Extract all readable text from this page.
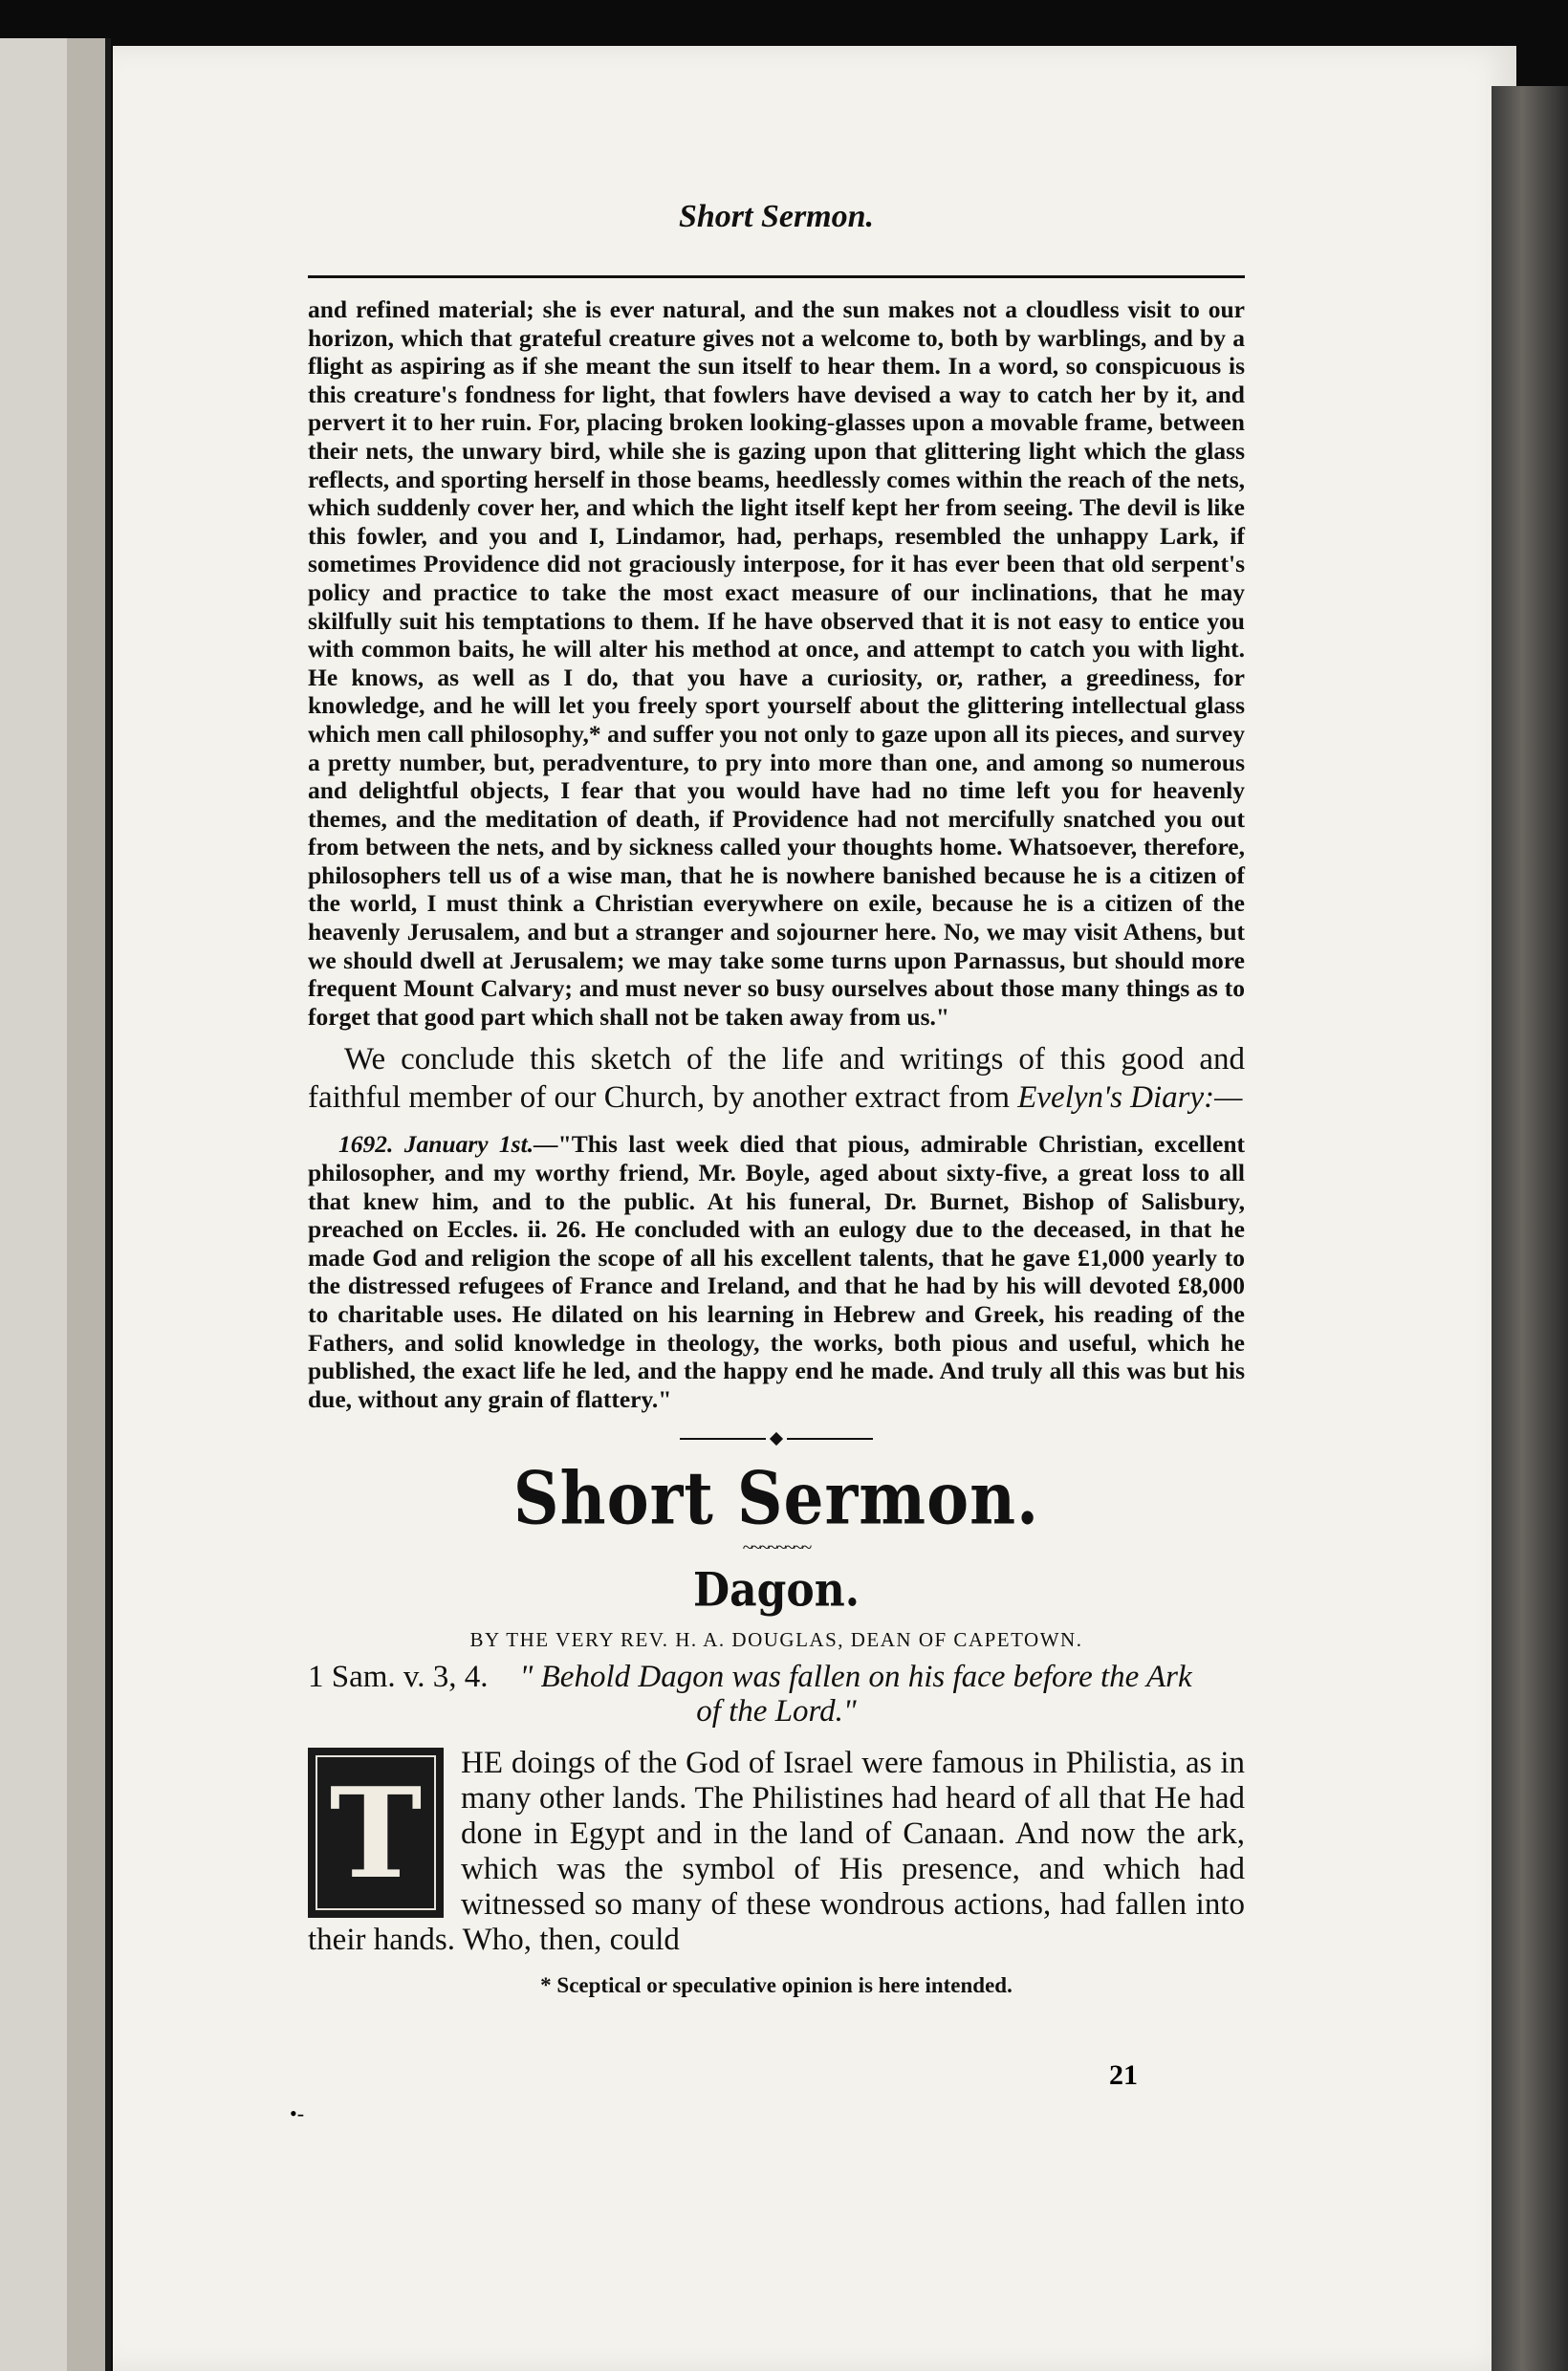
Short Sermon.
and refined material; she is ever natural, and the sun makes not a cloudless visit to our horizon, which that grateful creature gives not a welcome to, both by warblings, and by a flight as aspiring as if she meant the sun itself to hear them. In a word, so conspicuous is this creature's fondness for light, that fowlers have devised a way to catch her by it, and pervert it to her ruin. For, placing broken looking-glasses upon a movable frame, between their nets, the unwary bird, while she is gazing upon that glittering light which the glass reflects, and sporting herself in those beams, heedlessly comes within the reach of the nets, which suddenly cover her, and which the light itself kept her from seeing. The devil is like this fowler, and you and I, Lindamor, had, perhaps, resembled the unhappy Lark, if sometimes Providence did not graciously interpose, for it has ever been that old serpent's policy and practice to take the most exact measure of our inclinations, that he may skilfully suit his temptations to them. If he have observed that it is not easy to entice you with common baits, he will alter his method at once, and attempt to catch you with light. He knows, as well as I do, that you have a curiosity, or, rather, a greediness, for knowledge, and he will let you freely sport yourself about the glittering intellectual glass which men call philosophy,* and suffer you not only to gaze upon all its pieces, and survey a pretty number, but, peradventure, to pry into more than one, and among so numerous and delightful objects, I fear that you would have had no time left you for heavenly themes, and the meditation of death, if Providence had not mercifully snatched you out from between the nets, and by sickness called your thoughts home. Whatsoever, therefore, philosophers tell us of a wise man, that he is nowhere banished because he is a citizen of the world, I must think a Christian everywhere on exile, because he is a citizen of the heavenly Jerusalem, and but a stranger and sojourner here. No, we may visit Athens, but we should dwell at Jerusalem; we may take some turns upon Parnassus, but should more frequent Mount Calvary; and must never so busy ourselves about those many things as to forget that good part which shall not be taken away from us."
We conclude this sketch of the life and writings of this good and faithful member of our Church, by another extract from Evelyn's Diary:—
1692. January 1st.—"This last week died that pious, admirable Christian, excellent philosopher, and my worthy friend, Mr. Boyle, aged about sixty-five, a great loss to all that knew him, and to the public. At his funeral, Dr. Burnet, Bishop of Salisbury, preached on Eccles. ii. 26. He concluded with an eulogy due to the deceased, in that he made God and religion the scope of all his excellent talents, that he gave £1,000 yearly to the distressed refugees of France and Ireland, and that he had by his will devoted £8,000 to charitable uses. He dilated on his learning in Hebrew and Greek, his reading of the Fathers, and solid knowledge in theology, the works, both pious and useful, which he published, the exact life he led, and the happy end he made. And truly all this was but his due, without any grain of flattery."
Short Sermon.
~~~~~~~~
Dagon.
BY THE VERY REV. H. A. DOUGLAS, DEAN OF CAPETOWN.
1 Sam. v. 3, 4. " Behold Dagon was fallen on his face before the Ark
of the Lord."
T	HE doings of the God of Israel were famous in Philistia, as in many other lands. The Philistines had heard of all that He had done in Egypt and in the land of Canaan. And now the ark, which was the symbol of His presence, and which had witnessed so many of these wondrous actions, had fallen into their hands. Who, then, could
* Sceptical or speculative opinion is here intended.
21
•-
